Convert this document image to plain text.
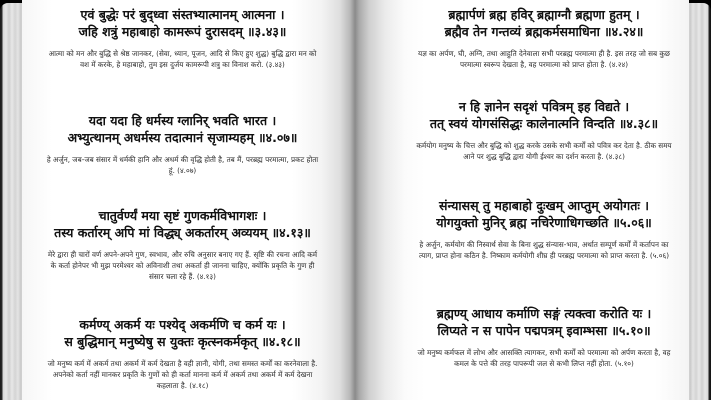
एवं बुद्धेः परं बुद्ध्वा संस्तभ्यात्मानम् आत्मना ।
जहि शत्रुं महाबाहो कामरूपं दुरासदम् ॥३.४३॥
आत्मा को मन और बुद्धि से श्रेष्ठ जानकर, (सेवा, ध्यान, पूजन, आदि से किए हुए शुद्ध) बुद्धि द्वारा मन को वश में करके, हे महाबाहो, तुम इस दुर्जय कामरूपी शत्रु का विनाश करो. (३.४३)
यदा यदा हि धर्मस्य ग्लानिर् भवति भारत ।
अभ्युत्थानम् अधर्मस्य तदात्मानं सृजाम्यहम् ॥४.०७॥
हे अर्जुन, जब-जब संसार में धर्मकी हानि और अधर्म की वृद्धि होती है, तब मैं, परब्रह्म परमात्मा, प्रकट होता हूं. (४.०७)
चातुर्वर्ण्यं मया सृष्टं गुणकर्मविभागशः ।
तस्य कर्तारम् अपि मां विद्ध्य् अकर्तारम् अव्ययम् ॥४.१३॥
मेरे द्वारा ही चारों वर्ण अपने-अपने गुण, स्वभाव, और रुचि अनुसार बनाए गए हैं. सृष्टि की रचना आदि कर्म के कर्ता होनेपर भी मुझ परमेश्वर को अविनाशी तथा अकर्ता ही जानना चाहिए, क्योंकि प्रकृति के गुण ही संसार चला रहे हैं. (४.१३)
कर्मण्य् अकर्म यः पश्येद् अकर्मणि च कर्म यः ।
स बुद्धिमान् मनुष्येषु स युक्तः कृत्स्नकर्मकृत् ॥४.१८॥
जो मनुष्य कर्म में अकर्म तथा अकर्म में कर्म देखता है वही ज्ञानी, योगी, तथा समस्त कर्मों का करनेवाला है. अपनेको कर्ता नहीं मानकर प्रकृति के गुणों को ही कर्ता मानना कर्म में अकर्म तथा अकर्म में कर्म देखना कहलाता है. (४.१८)
ब्रह्मार्पणं ब्रह्म हविर् ब्रह्माग्नौ ब्रह्मणा हुतम् ।
ब्रह्मैव तेन गन्तव्यं ब्रह्मकर्मसमाधिना ॥४.२४॥
यज्ञ का अर्पण, घी, अग्नि, तथा आहुति देनेवाला सभी परब्रह्म परमात्मा ही है. इस तरह जो सब कुछ परमात्मा स्वरूप देखता है, वह परमात्मा को प्राप्त होता है. (४.२४)
न हि ज्ञानेन सदृशं पवित्रम् इह विद्यते ।
तत् स्वयं योगसंसिद्धः कालेनात्मनि विन्दति ॥४.३८॥
कर्मयोग मनुष्य के चित्त और बुद्धि को शुद्ध करके उसके सभी कर्मों को पवित्र कर देता है. ठीक समय आने पर शुद्ध बुद्धि द्वारा योगी ईश्वर का दर्शन करता है. (४.३८)
संन्यासस् तु महाबाहो दुःखम् आप्तुम् अयोगतः ।
योगयुक्तो मुनिर् ब्रह्म नचिरेणाधिगच्छति ॥५.०६॥
हे अर्जुन, कर्मयोग की निस्वार्थ सेवा के बिना शुद्ध संन्यास-भाव, अर्थात सम्पूर्ण कर्मों में कर्तापन का त्याग, प्राप्त होना कठिन है. निष्काम कर्मयोगी शीघ्र ही परब्रह्म परमात्मा को प्राप्त करता है. (५.०६)
ब्रह्मण्य् आधाय कर्माणि सङ्गं त्यक्त्वा करोति यः ।
लिप्यते न स पापेन पद्मपत्रम् इवाम्भसा ॥५.१०॥
जो मनुष्य कर्मफल में लोभ और आसक्ति त्यागकर, सभी कर्मों को परमात्मा को अर्पण करता है, वह कमल के पत्ते की तरह पापरूपी जल से कभी लिप्त नहीं होता. (५.१०)
